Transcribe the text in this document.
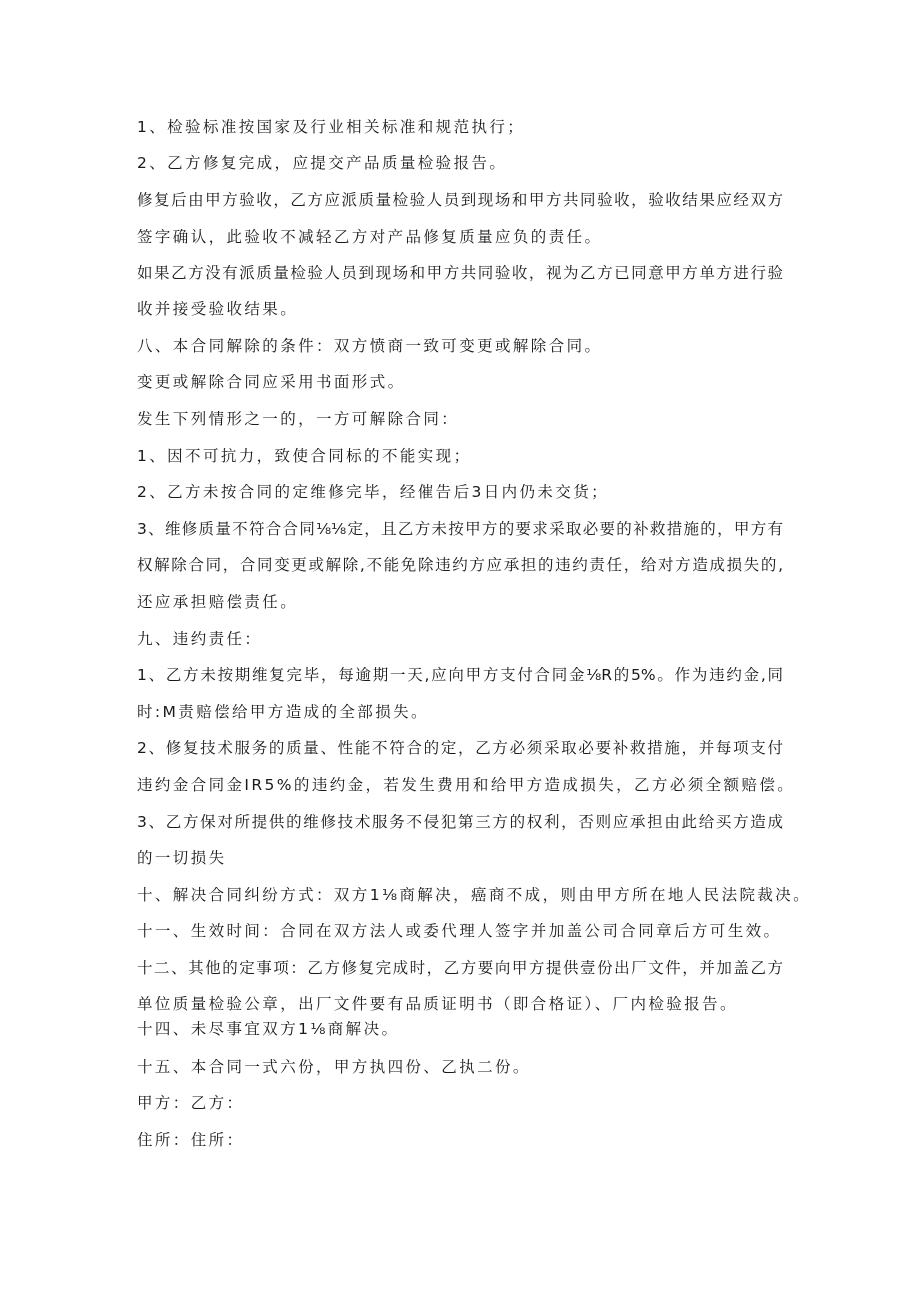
1、检验标准按国家及行业相关标准和规范执行；
2、乙方修复完成，应提交产品质量检验报告。
修复后由甲方验收，乙方应派质量检验人员到现场和甲方共同验收，验收结果应经双方
签字确认，此验收不减轻乙方对产品修复质量应负的责任。
如果乙方没有派质量检验人员到现场和甲方共同验收，视为乙方已同意甲方单方进行验
收并接受验收结果。
八、本合同解除的条件：双方愤商一致可变更或解除合同。
变更或解除合同应采用书面形式。
发生下列情形之一的，一方可解除合同：
1、因不可抗力，致使合同标的不能实现；
2、乙方未按合同的定维修完毕，经催告后3日内仍未交货；
3、维修质量不符合合同⅛⅛定，且乙方未按甲方的要求采取必要的补救措施的，甲方有
权解除合同，合同变更或解除,不能免除违约方应承担的违约责任，给对方造成损失的,
还应承担赔偿责任。
九、违约责任：
1、乙方未按期维复完毕，每逾期一天,应向甲方支付合同金⅛R的5%。作为违约金,同
时:M责赔偿给甲方造成的全部损失。
2、修复技术服务的质量、性能不符合的定，乙方必须采取必要补救措施，并每项支付
违约金合同金IR5%的违约金，若发生费用和给甲方造成损失，乙方必须全额赔偿。
3、乙方保对所提供的维修技术服务不侵犯第三方的权利，否则应承担由此给买方造成
的一切损失
十、解决合同纠纷方式：双方1⅛商解决，癌商不成，则由甲方所在地人民法院裁决。
十一、生效时间：合同在双方法人或委代理人签字并加盖公司合同章后方可生效。
十二、其他的定事项：乙方修复完成时，乙方要向甲方提供壹份出厂文件，并加盖乙方
单位质量检验公章，出厂文件要有品质证明书（即合格证）、厂内检验报告。
十四、未尽事宜双方1⅛商解决。
十五、本合同一式六份，甲方执四份、乙执二份。
甲方：乙方：
住所：住所：
